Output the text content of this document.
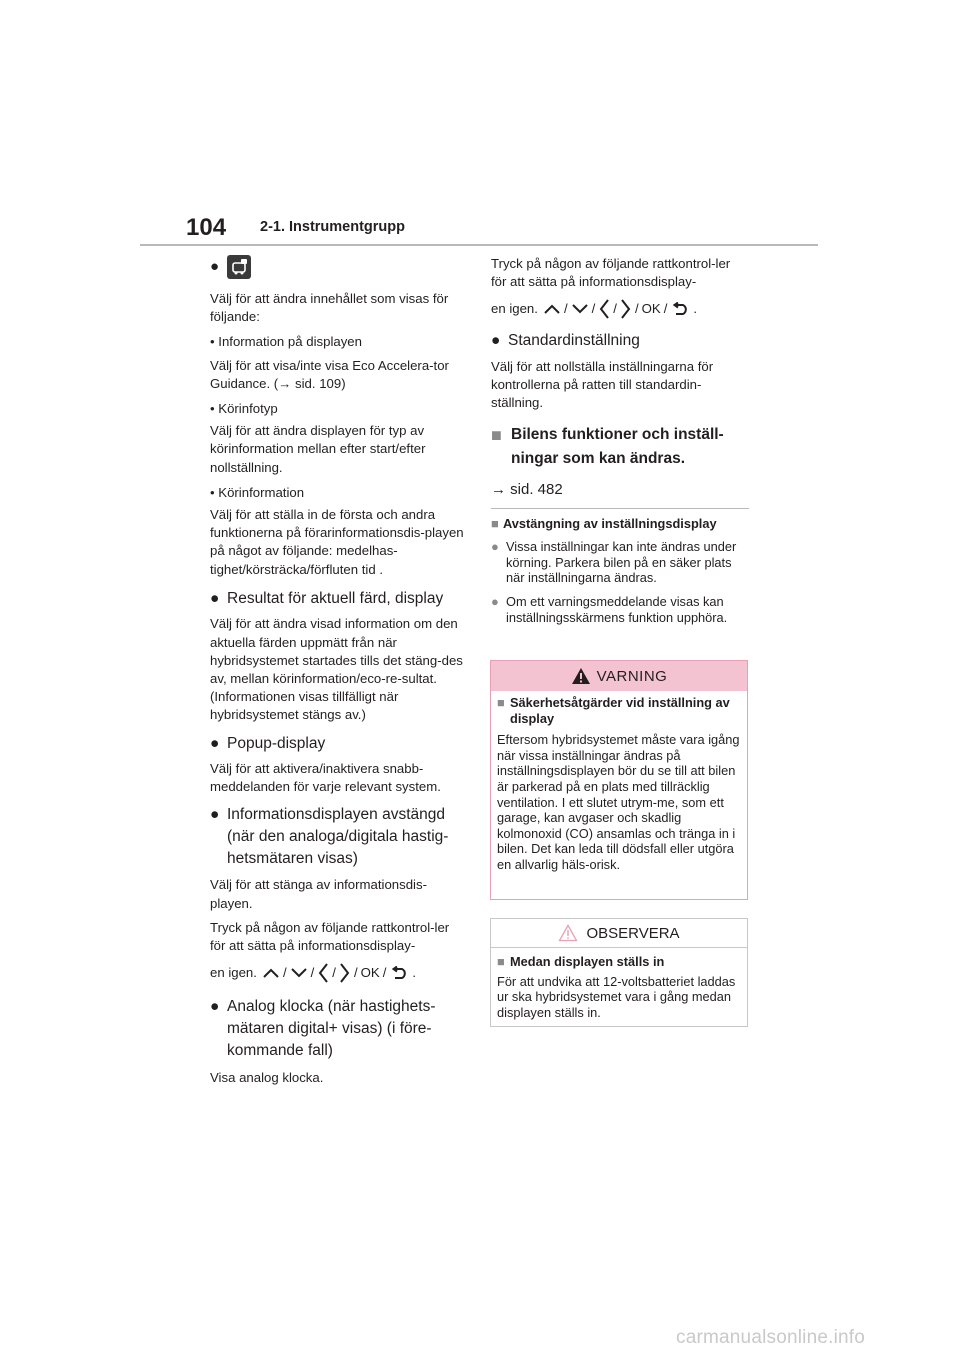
104 2-1. Instrumentgrupp
●

Välj för att ändra innehållet som visas för följande:

• Information på displayen

Välj för att visa/inte visa Eco Accelera-tor Guidance. (→ sid. 109)

• Körinfotyp

Välj för att ändra displayen för typ av körinformation mellan efter start/efter nollställning.

• Körinformation

Välj för att ställa in de första och andra funktionerna på förarinformationsdis-playen på något av följande: medelhas-tighet/körsträcka/förfluten tid .

● Resultat för aktuell färd, display

Välj för att ändra visad information om den aktuella färden uppmätt från när hybridsystemet startades tills det stäng-des av, mellan körinformation/eco-re-sultat. (Informationen visas tillfälligt när hybridsystemet stängs av.)

● Popup-display

Välj för att aktivera/inaktivera snabb-meddelanden för varje relevant system.

● Informationsdisplayen avstängd (när den analoga/digitala hastig-hetsmätaren visas)

Välj för att stänga av informationsdis-playen.

Tryck på någon av följande rattkontrol-ler för att sätta på informationsdisplay-

en igen. / / / / OK / .

● Analog klocka (när hastighets-mätaren digital+ visas) (i före-kommande fall)

Visa analog klocka.

Tryck på någon av följande rattkontrol-ler för att sätta på informationsdisplay-

en igen. / / / / OK / .

● Standardinställning

Välj för att nollställa inställningarna för kontrollerna på ratten till standardin-ställning.

■ Bilens funktioner och inställ-ningar som kan ändras.

→ sid. 482

■ Avstängning av inställningsdisplay
● Vissa inställningar kan inte ändras under körning. Parkera bilen på en säker plats när inställningarna ändras.
● Om ett varningsmeddelande visas kan inställningsskärmens funktion upphöra.
VARNING
■ Säkerhetsåtgärder vid inställning av display

Eftersom hybridsystemet måste vara igång när vissa inställningar ändras på inställningsdisplayen bör du se till att bilen är parkerad på en plats med tillräcklig ventilation. I ett slutet utrym-me, som ett garage, kan avgaser och skadlig kolmonoxid (CO) ansamlas och tränga in i bilen. Det kan leda till dödsfall eller utgöra en allvarlig häls-orisk.

OBSERVERA
■ Medan displayen ställs in

För att undvika att 12-voltsbatteriet laddas ur ska hybridsystemet vara i gång medan displayen ställs in.

carmanualsonline.info
